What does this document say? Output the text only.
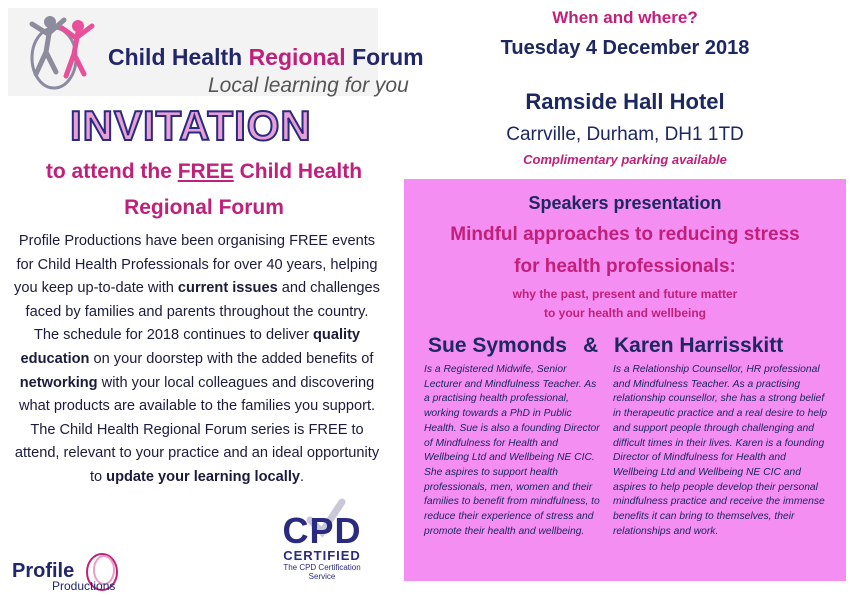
Child Health Regional Forum
Local learning for you
INVITATION
to attend the FREE Child Health
Regional Forum
Profile Productions have been organising FREE events for Child Health Professionals for over 40 years, helping you keep up-to-date with current issues and challenges faced by families and parents throughout the country. The schedule for 2018 continues to deliver quality education on your doorstep with the added benefits of networking with your local colleagues and discovering what products are available to the families you support. The Child Health Regional Forum series is FREE to attend, relevant to your practice and an ideal opportunity to update your learning locally.
Profile
Productions
CPD
CERTIFIED
The CPD Certification
Service
When and where?
Tuesday 4 December 2018
Ramside Hall Hotel
Carrville, Durham, DH1 1TD
Complimentary parking available
Speakers presentation
Mindful approaches to reducing stress
for health professionals:
why the past, present and future matter
to your health and wellbeing
Sue Symonds & Karen Harrisskitt
Is a Registered Midwife, Senior Lecturer and Mindfulness Teacher. As a practising health professional, working towards a PhD in Public Health. Sue is also a founding Director of Mindfulness for Health and Wellbeing Ltd and Wellbeing NE CIC. She aspires to support health professionals, men, women and their families to benefit from mindfulness, to reduce their experience of stress and promote their health and wellbeing.
Is a Relationship Counsellor, HR professional and Mindfulness Teacher. As a practising relationship counsellor, she has a strong belief in therapeutic practice and a real desire to help and support people through challenging and difficult times in their lives. Karen is a founding Director of Mindfulness for Health and Wellbeing Ltd and Wellbeing NE CIC and aspires to help people develop their personal mindfulness practice and receive the immense benefits it can bring to themselves, their relationships and work.
